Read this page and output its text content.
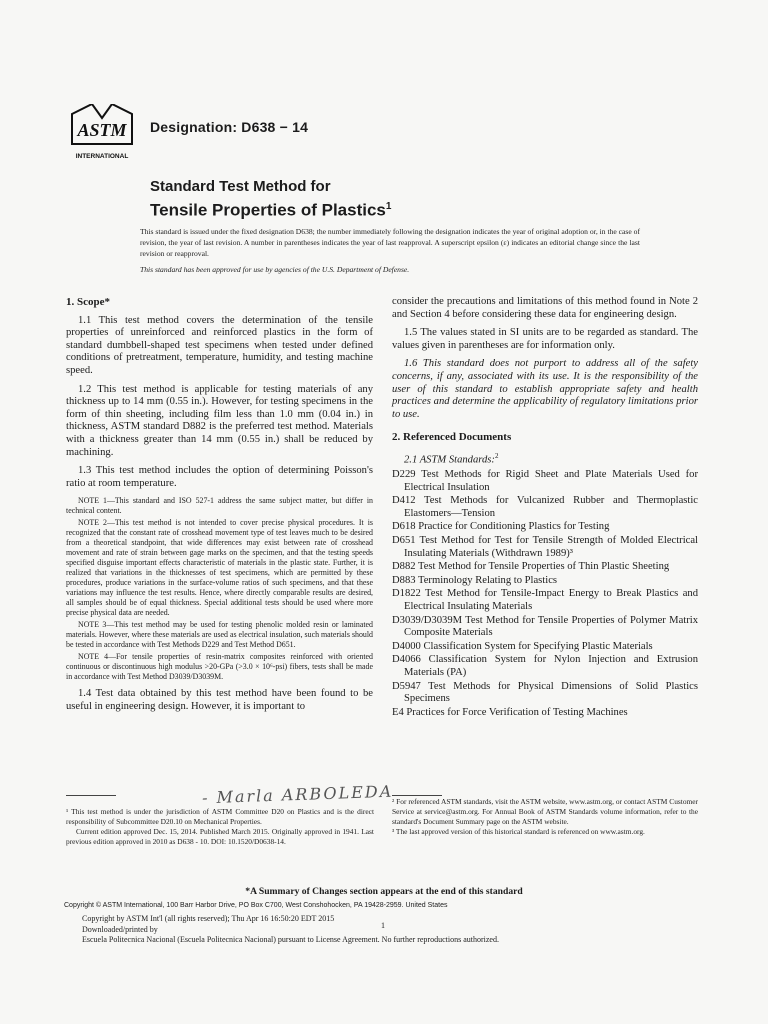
ASTM
INTERNATIONAL
Designation: D638 − 14
Standard Test Method for
Tensile Properties of Plastics$^1$
This standard is issued under the fixed designation D638; the number immediately following the designation indicates the year of original adoption or, in the case of revision, the year of last revision. A number in parentheses indicates the year of last reapproval. A superscript epsilon (ε) indicates an editorial change since the last revision or reapproval.
This standard has been approved for use by agencies of the U.S. Department of Defense.
1. Scope*

1.1 This test method covers the determination of the tensile properties of unreinforced and reinforced plastics in the form of standard dumbbell-shaped test specimens when tested under defined conditions of pretreatment, temperature, humidity, and testing machine speed.

1.2 This test method is applicable for testing materials of any thickness up to 14 mm (0.55 in.). However, for testing specimens in the form of thin sheeting, including film less than 1.0 mm (0.04 in.) in thickness, ASTM standard D882 is the preferred test method. Materials with a thickness greater than 14 mm (0.55 in.) shall be reduced by machining.

1.3 This test method includes the option of determining Poisson's ratio at room temperature.

NOTE 1—This standard and ISO 527-1 address the same subject matter, but differ in technical content.
NOTE 2—This test method is not intended to cover precise physical procedures. It is recognized that the constant rate of crosshead movement type of test leaves much to be desired from a theoretical standpoint, that wide differences may exist between rate of crosshead movement and rate of strain between gage marks on the specimen, and that the testing speeds specified disguise important effects characteristic of materials in the plastic state. Further, it is realized that variations in the thicknesses of test specimens, which are permitted by these procedures, produce variations in the surface-volume ratios of such specimens, and that these variations may influence the test results. Hence, where directly comparable results are desired, all samples should be of equal thickness. Special additional tests should be used where more precise physical data are needed.
NOTE 3—This test method may be used for testing phenolic molded resin or laminated materials. However, where these materials are used as electrical insulation, such materials should be tested in accordance with Test Methods D229 and Test Method D651.
NOTE 4—For tensile properties of resin-matrix composites reinforced with oriented continuous or discontinuous high modulus >20-GPa (>3.0 × 10⁶-psi) fibers, tests shall be made in accordance with Test Method D3039/D3039M.

1.4 Test data obtained by this test method have been found to be useful in engineering design. However, it is important to

consider the precautions and limitations of this method found in Note 2 and Section 4 before considering these data for engineering design.

1.5 The values stated in SI units are to be regarded as standard. The values given in parentheses are for information only.

1.6 This standard does not purport to address all of the safety concerns, if any, associated with its use. It is the responsibility of the user of this standard to establish appropriate safety and health practices and determine the applicability of regulatory limitations prior to use.

2. Referenced Documents
2.1 ASTM Standards:$^2$
D229 Test Methods for Rigid Sheet and Plate Materials Used for Electrical Insulation
D412 Test Methods for Vulcanized Rubber and Thermoplastic Elastomers—Tension
D618 Practice for Conditioning Plastics for Testing
D651 Test Method for Test for Tensile Strength of Molded Electrical Insulating Materials (Withdrawn 1989)³
D882 Test Method for Tensile Properties of Thin Plastic Sheeting
D883 Terminology Relating to Plastics
D1822 Test Method for Tensile-Impact Energy to Break Plastics and Electrical Insulating Materials
D3039/D3039M Test Method for Tensile Properties of Polymer Matrix Composite Materials
D4000 Classification System for Specifying Plastic Materials
D4066 Classification System for Nylon Injection and Extrusion Materials (PA)
D5947 Test Methods for Physical Dimensions of Solid Plastics Specimens
E4 Practices for Force Verification of Testing Machines
- Marla ARBOLEDA
¹ This test method is under the jurisdiction of ASTM Committee D20 on Plastics and is the direct responsibility of Subcommittee D20.10 on Mechanical Properties.
Current edition approved Dec. 15, 2014. Published March 2015. Originally approved in 1941. Last previous edition approved in 2010 as D638 - 10. DOI: 10.1520/D0638-14.
² For referenced ASTM standards, visit the ASTM website, www.astm.org, or contact ASTM Customer Service at service@astm.org. For Annual Book of ASTM Standards volume information, refer to the standard's Document Summary page on the ASTM website.
³ The last approved version of this historical standard is referenced on www.astm.org.
*A Summary of Changes section appears at the end of this standard
Copyright © ASTM International, 100 Barr Harbor Drive, PO Box C700, West Conshohocken, PA 19428-2959. United States
Copyright by ASTM Int'l (all rights reserved); Thu Apr 16 16:50:20 EDT 2015
Downloaded/printed by
Escuela Politecnica Nacional (Escuela Politecnica Nacional) pursuant to License Agreement. No further reproductions authorized.
1
